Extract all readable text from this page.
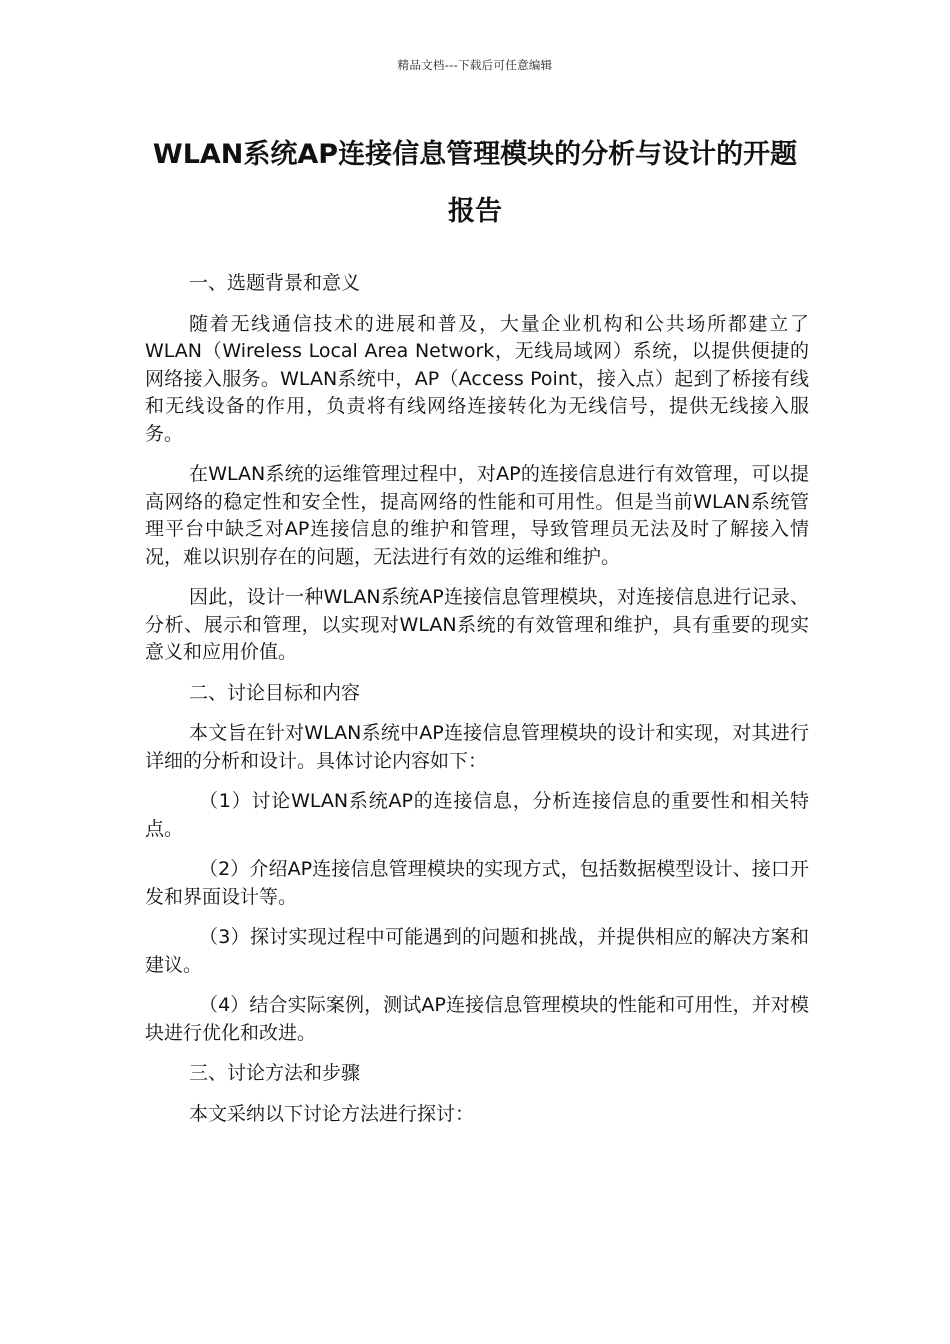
精品文档---下载后可任意编辑
WLAN系统AP连接信息管理模块的分析与设计的开题报告

一、选题背景和意义

随着无线通信技术的进展和普及，大量企业机构和公共场所都建立了WLAN（Wireless Local Area Network，无线局域网）系统，以提供便捷的网络接入服务。WLAN系统中，AP（Access Point，接入点）起到了桥接有线和无线设备的作用，负责将有线网络连接转化为无线信号，提供无线接入服务。

在WLAN系统的运维管理过程中，对AP的连接信息进行有效管理，可以提高网络的稳定性和安全性，提高网络的性能和可用性。但是当前WLAN系统管理平台中缺乏对AP连接信息的维护和管理，导致管理员无法及时了解接入情况，难以识别存在的问题，无法进行有效的运维和维护。

因此，设计一种WLAN系统AP连接信息管理模块，对连接信息进行记录、分析、展示和管理，以实现对WLAN系统的有效管理和维护，具有重要的现实意义和应用价值。

二、讨论目标和内容

本文旨在针对WLAN系统中AP连接信息管理模块的设计和实现，对其进行详细的分析和设计。具体讨论内容如下：

（1）讨论WLAN系统AP的连接信息，分析连接信息的重要性和相关特点。

（2）介绍AP连接信息管理模块的实现方式，包括数据模型设计、接口开发和界面设计等。

（3）探讨实现过程中可能遇到的问题和挑战，并提供相应的解决方案和建议。

（4）结合实际案例，测试AP连接信息管理模块的性能和可用性，并对模块进行优化和改进。

三、讨论方法和步骤

本文采纳以下讨论方法进行探讨：
